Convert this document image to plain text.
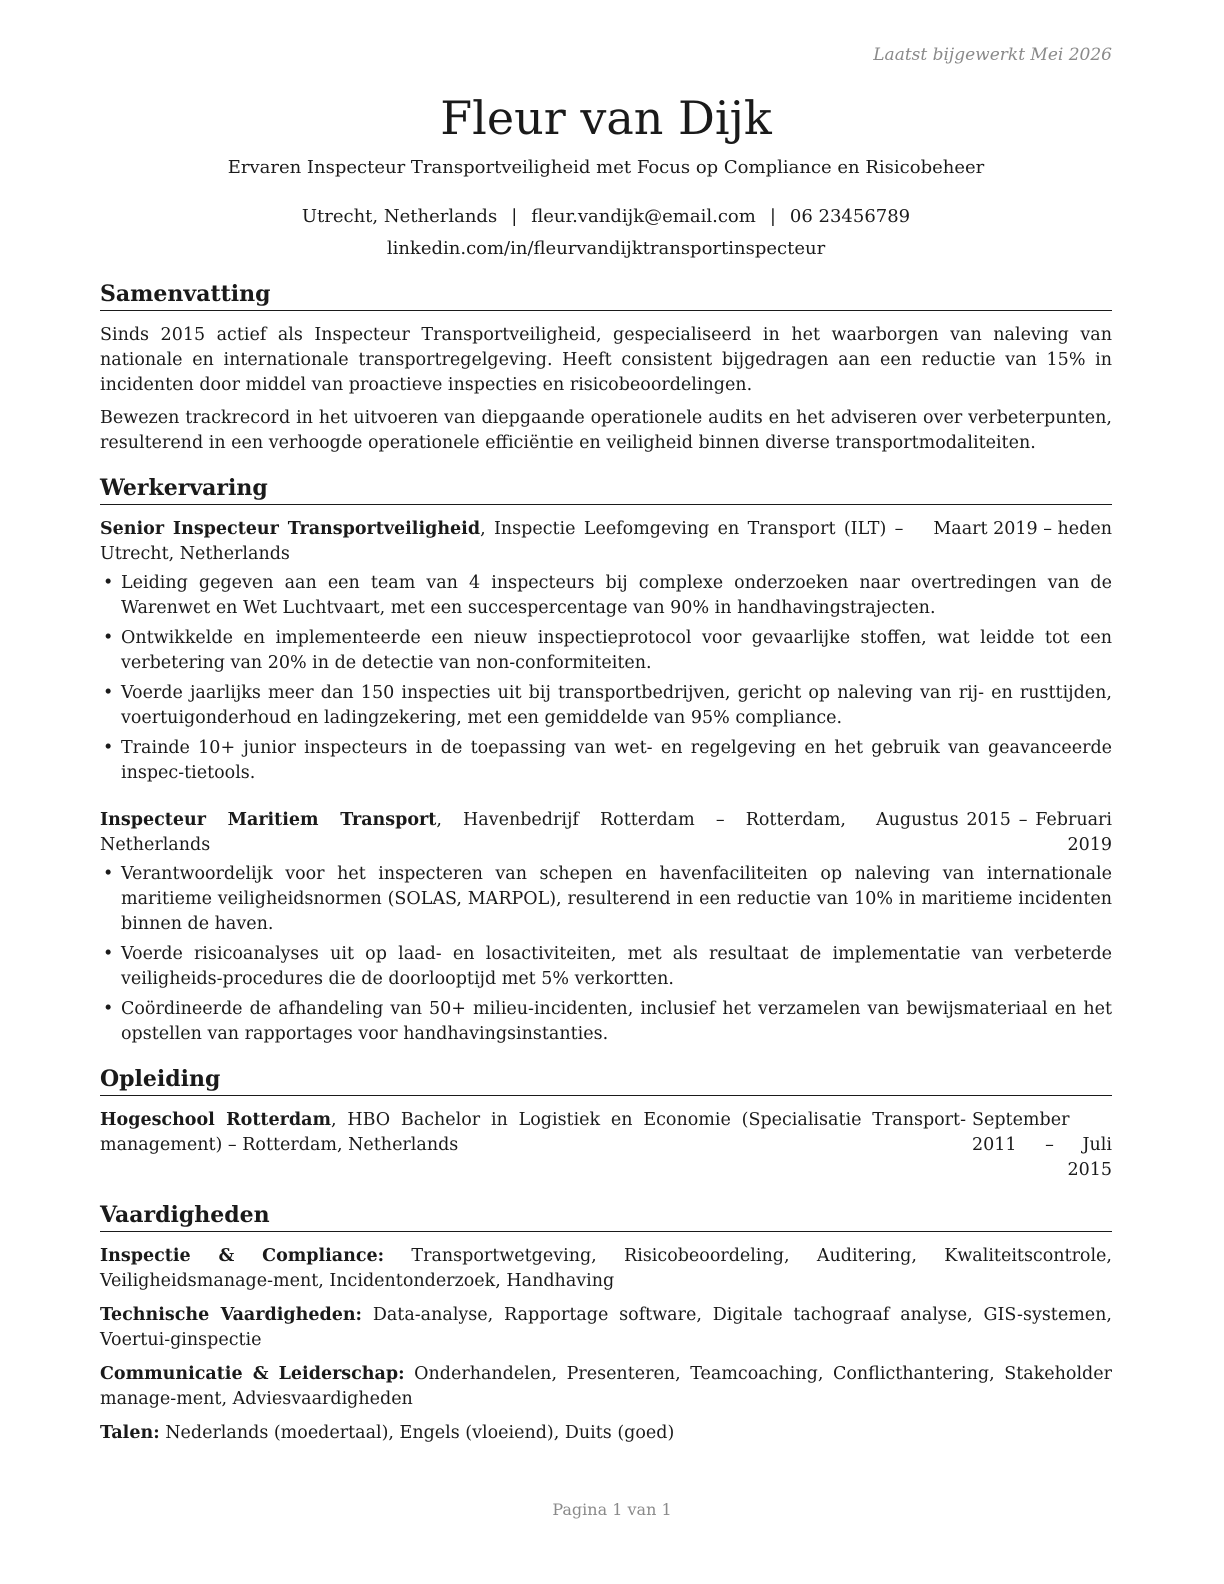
Laatst bijgewerkt Mei 2026
Fleur van Dijk
Ervaren Inspecteur Transportveiligheid met Focus op Compliance en Risicobeheer
Utrecht, Netherlands | fleur.vandijk@email.com | 06 23456789
linkedin.com/in/fleurvandijktransportinspecteur
Samenvatting

Sinds 2015 actief als Inspecteur Transportveiligheid, gespecialiseerd in het waarborgen van naleving van nationale en internationale transportregelgeving. Heeft consistent bijgedragen aan een reductie van 15% in incidenten door middel van proactieve inspecties en risicobeoordelingen.

Bewezen trackrecord in het uitvoeren van diepgaande operationele audits en het adviseren over verbeterpunten, resulterend in een verhoogde operationele efficiëntie en veiligheid binnen diverse transportmodaliteiten.

Werkervaring
Senior Inspecteur Transportveiligheid, Inspectie Leefomgeving en Transport (ILT) – Utrecht, Netherlands
Maart 2019 – heden
• Leiding gegeven aan een team van 4 inspecteurs bij complexe onderzoeken naar overtredingen van de Warenwet en Wet Luchtvaart, met een succespercentage van 90% in handhavingstrajecten.
• Ontwikkelde en implementeerde een nieuw inspectieprotocol voor gevaarlijke stoffen, wat leidde tot een verbetering van 20% in de detectie van non-conformiteiten.
• Voerde jaarlijks meer dan 150 inspecties uit bij transportbedrijven, gericht op naleving van rij- en rusttijden, voertuigonderhoud en ladingzekering, met een gemiddelde van 95% compliance.
• Trainde 10+ junior inspecteurs in de toepassing van wet- en regelgeving en het gebruik van geavanceerde inspec-tietools.
Inspecteur Maritiem Transport, Havenbedrijf Rotterdam – Rotterdam, Netherlands
Augustus 2015 – Februari 2019
• Verantwoordelijk voor het inspecteren van schepen en havenfaciliteiten op naleving van internationale maritieme veiligheidsnormen (SOLAS, MARPOL), resulterend in een reductie van 10% in maritieme incidenten binnen de haven.
• Voerde risicoanalyses uit op laad- en losactiviteiten, met als resultaat de implementatie van verbeterde veiligheids-procedures die de doorlooptijd met 5% verkortten.
• Coördineerde de afhandeling van 50+ milieu-incidenten, inclusief het verzamelen van bewijsmateriaal en het opstellen van rapportages voor handhavingsinstanties.
Opleiding
Hogeschool Rotterdam, HBO Bachelor in Logistiek en Economie (Specialisatie Transport-management) – Rotterdam, Netherlands
September 2011 – Juli 2015
Vaardigheden
Inspectie & Compliance: Transportwetgeving, Risicobeoordeling, Auditering, Kwaliteitscontrole, Veiligheidsmanage-ment, Incidentonderzoek, Handhaving
Technische Vaardigheden: Data-analyse, Rapportage software, Digitale tachograaf analyse, GIS-systemen, Voertui-ginspectie
Communicatie & Leiderschap: Onderhandelen, Presenteren, Teamcoaching, Conflicthantering, Stakeholder manage-ment, Adviesvaardigheden
Talen: Nederlands (moedertaal), Engels (vloeiend), Duits (goed)
Pagina 1 van 1
